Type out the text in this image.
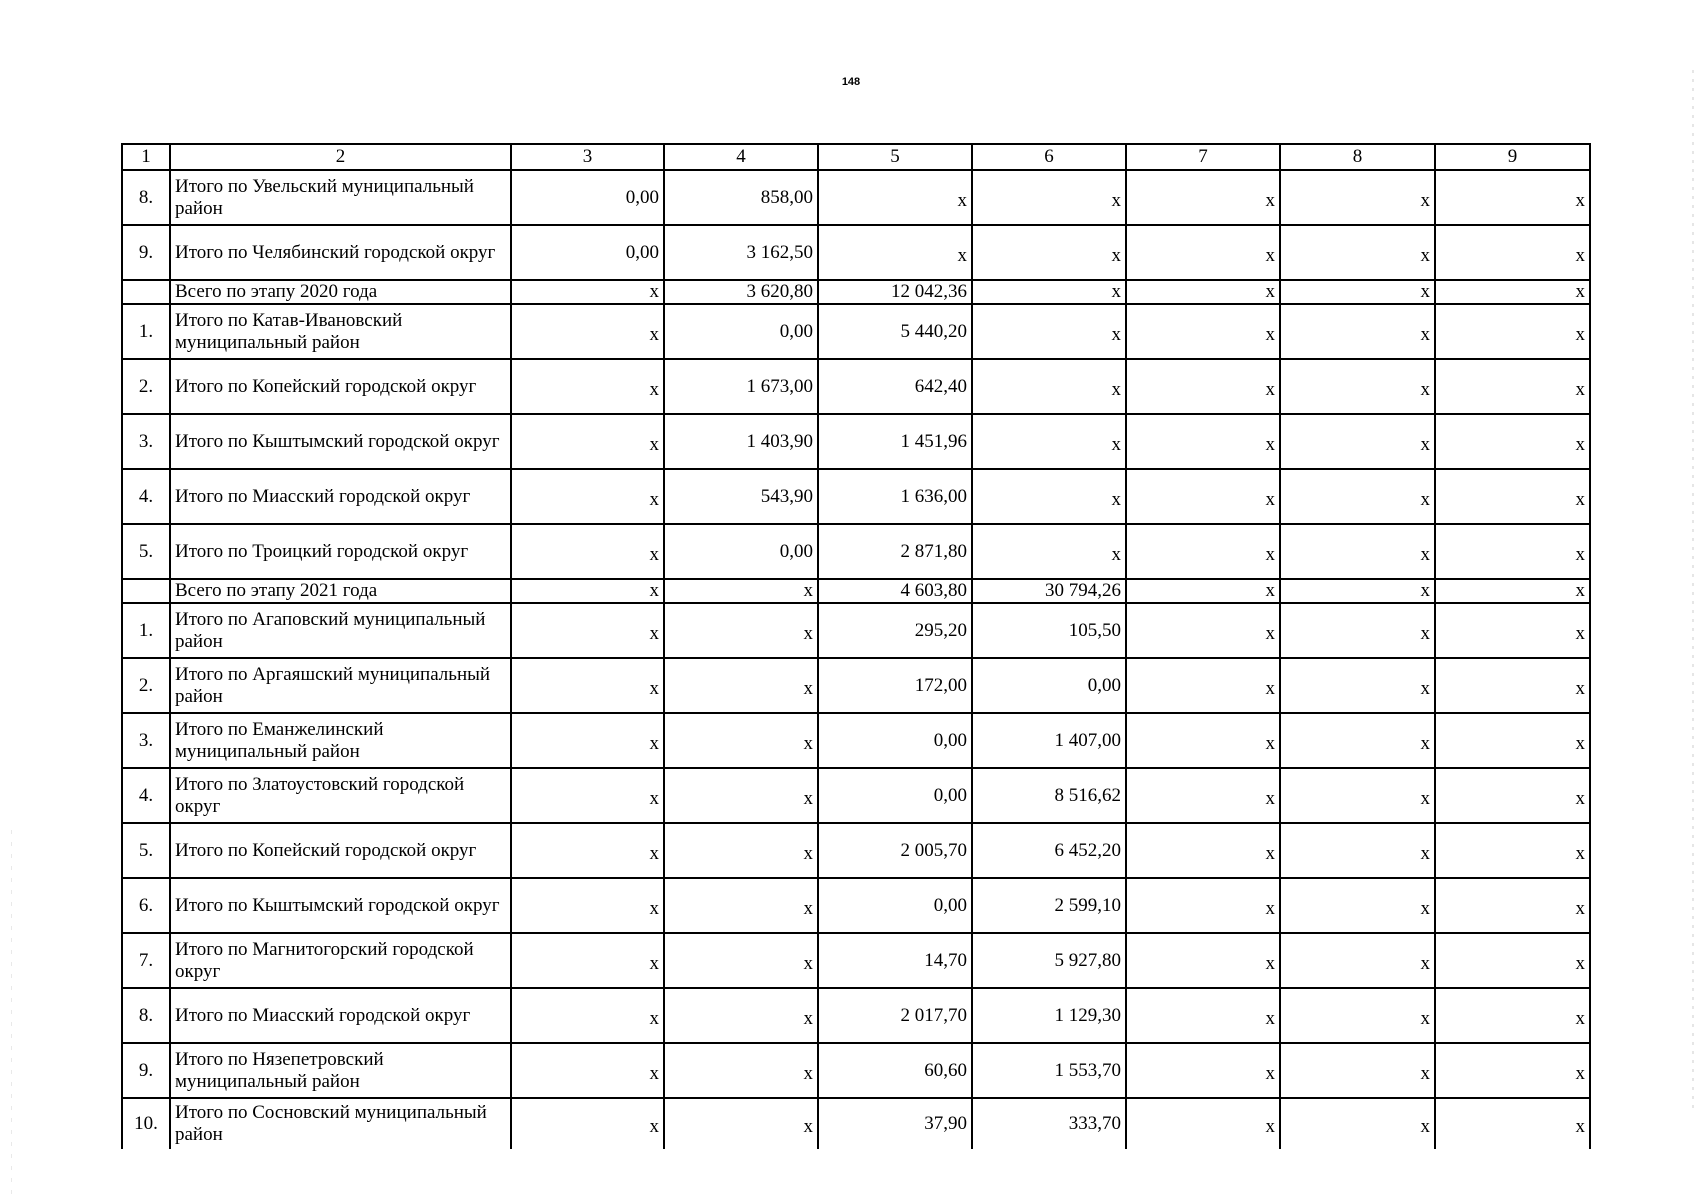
148
1	2	3	4	5	6	7	8	9
8.	Итого по Увельский муниципальный район	0,00	858,00	x	x	x	x	x
9.	Итого по Челябинский городской округ	0,00	3 162,50	x	x	x	x	x
	Всего по этапу 2020 года	x	3 620,80	12 042,36	x	x	x	x
1.	Итого по Катав-Ивановский муниципальный район	x	0,00	5 440,20	x	x	x	x
2.	Итого по Копейский городской округ	x	1 673,00	642,40	x	x	x	x
3.	Итого по Кыштымский городской округ	x	1 403,90	1 451,96	x	x	x	x
4.	Итого по Миасский городской округ	x	543,90	1 636,00	x	x	x	x
5.	Итого по Троицкий городской округ	x	0,00	2 871,80	x	x	x	x
	Всего по этапу 2021 года	x	x	4 603,80	30 794,26	x	x	x
1.	Итого по Агаповский муниципальный район	x	x	295,20	105,50	x	x	x
2.	Итого по Аргаяшский муниципальный район	x	x	172,00	0,00	x	x	x
3.	Итого по Еманжелинский муниципальный район	x	x	0,00	1 407,00	x	x	x
4.	Итого по Златоустовский городской округ	x	x	0,00	8 516,62	x	x	x
5.	Итого по Копейский городской округ	x	x	2 005,70	6 452,20	x	x	x
6.	Итого по Кыштымский городской округ	x	x	0,00	2 599,10	x	x	x
7.	Итого по Магнитогорский городской округ	x	x	14,70	5 927,80	x	x	x
8.	Итого по Миасский городской округ	x	x	2 017,70	1 129,30	x	x	x
9.	Итого по Нязепетровский муниципальный район	x	x	60,60	1 553,70	x	x	x
10.	Итого по Сосновский муниципальный район	x	x	37,90	333,70	x	x	x
